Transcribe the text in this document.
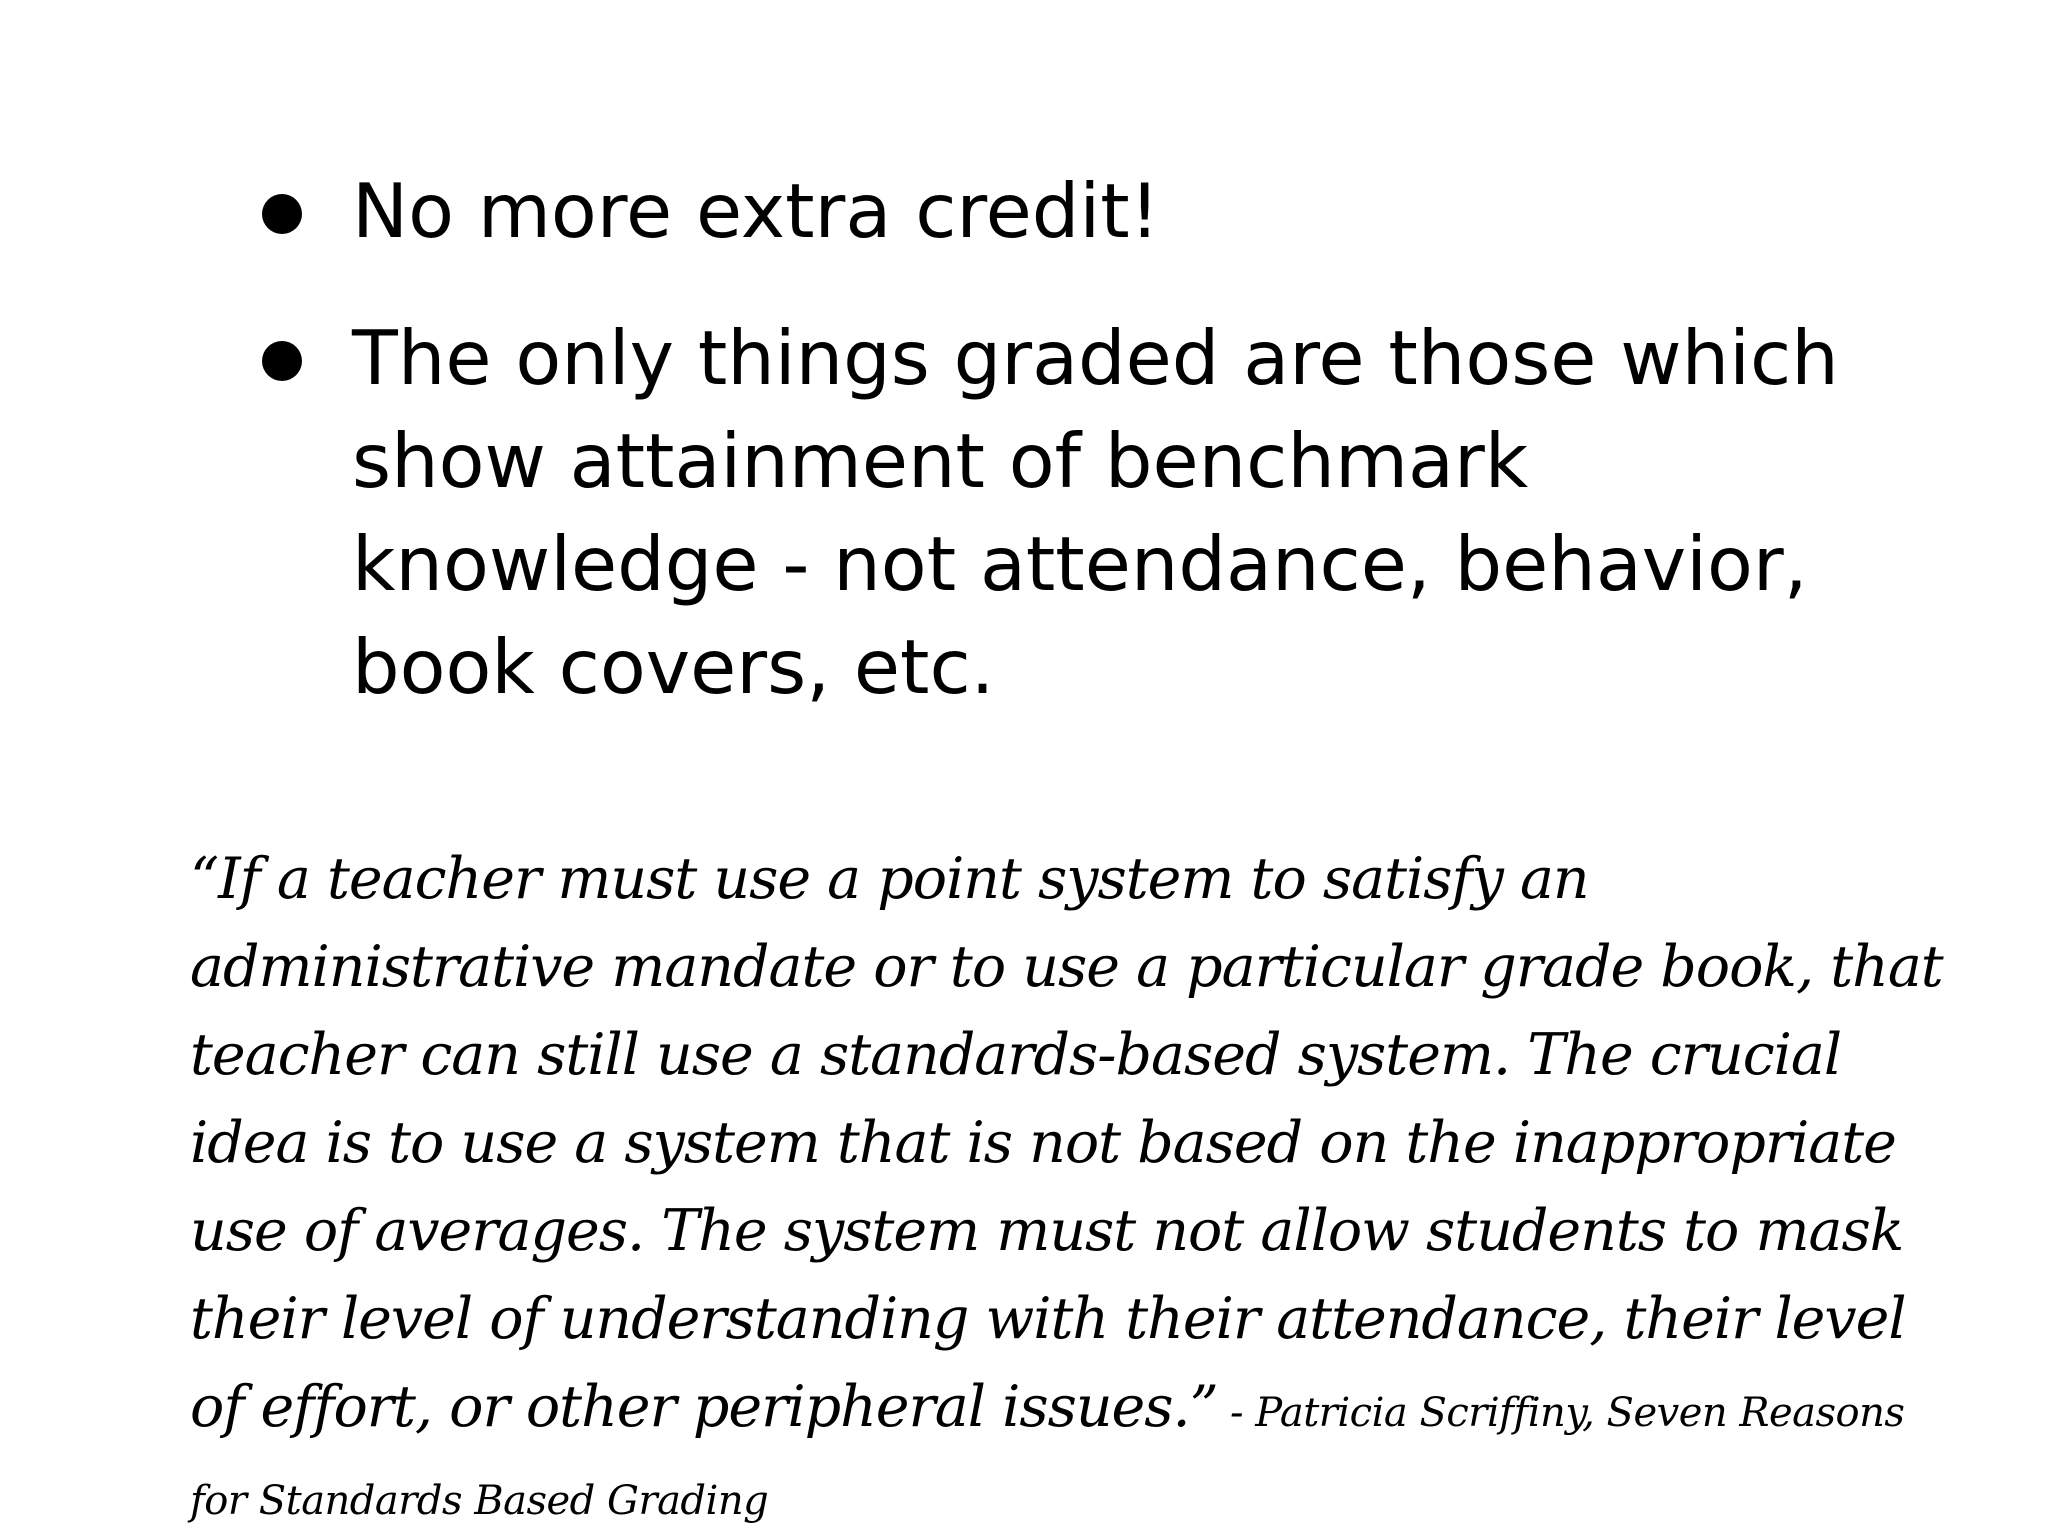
No more extra credit!
The only things graded are those which show attainment of benchmark knowledge - not attendance, behavior, book covers, etc.

“If a teacher must use a point system to satisfy an administrative mandate or to use a particular grade book, that teacher can still use a standards-based system. The crucial idea is to use a system that is not based on the inappropriate use of averages. The system must not allow students to mask their level of understanding with their attendance, their level of effort, or other peripheral issues.” - Patricia Scriffiny, Seven Reasons for Standards Based Grading
